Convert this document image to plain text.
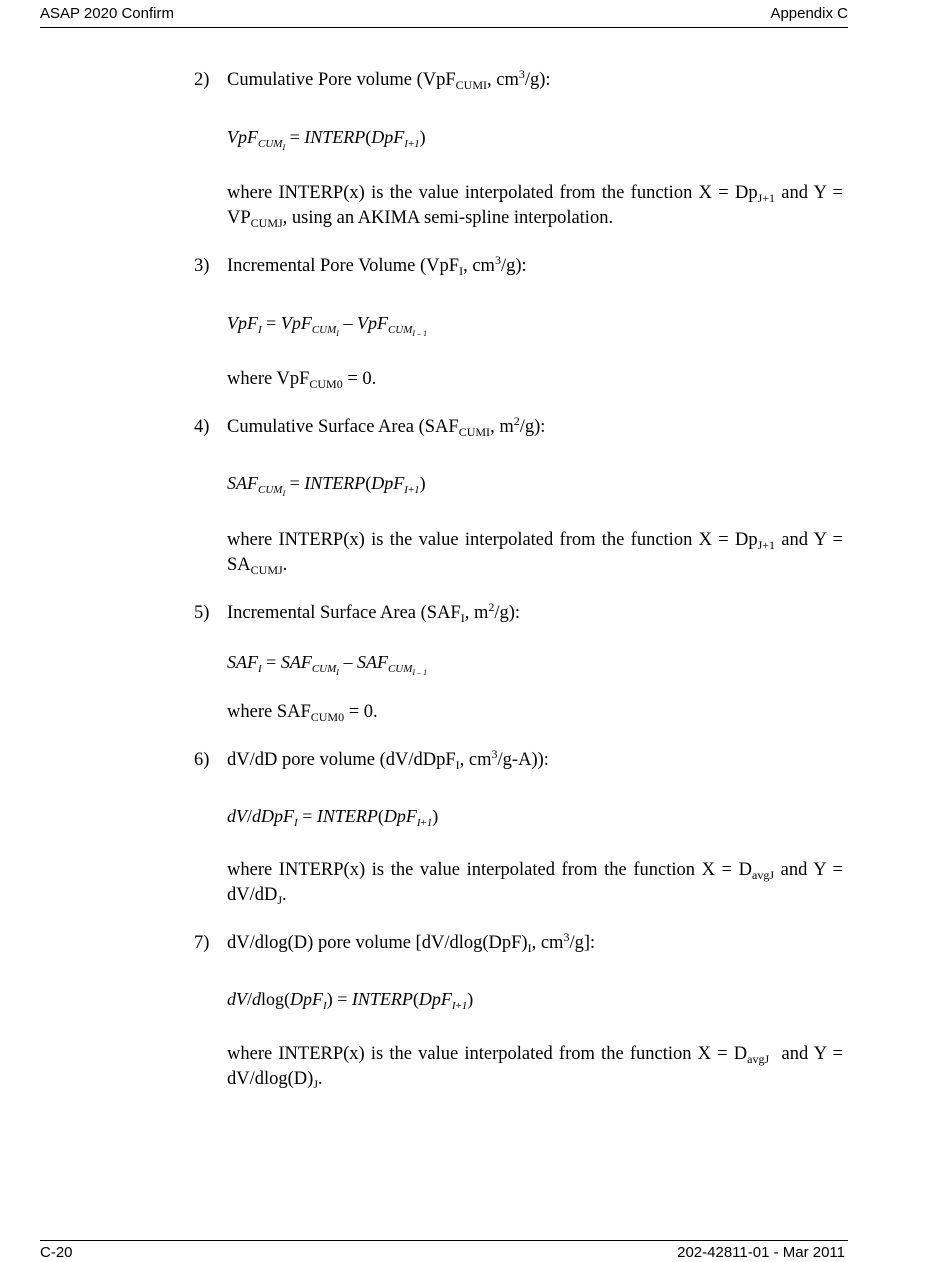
ASAP 2020 Confirm	Appendix C
2) Cumulative Pore volume (VpF$_{CUMI}$, $cm^3/g$):
VpF$_{CUM_I}$ = INTERP(DpF$_{I+1}$)
where INTERP(x) is the value interpolated from the function $X = Dp_{J+1}$ and Y =
$VP_{CUMJ}$, using an AKIMA semi-spline interpolation.
3) Incremental Pore Volume (VpF$_I$, $cm^3/g$):
VpF$_I$ = VpF$_{CUM_I}$ – VpF$_{CUM_{I - 1}}$
where VpF$_{CUM0}$ = 0.
4) Cumulative Surface Area ($SAF_{CUMI}$, $m^2/g$):
$SAF_{CUM_I}$ = INTERP(DpF$_{I+1}$)
where INTERP(x) is the value interpolated from the function $X = Dp_{J+1}$ and Y =
$SA_{CUMJ}$.
5) Incremental Surface Area ($SAF_I$, $m^2/g$):
$SAF_I = SAF_{CUM_I} - SAF_{CUM_{I - 1}}$
where $SAF_{CUM0} = 0$.
6) dV/dD pore volume (dV/dDpF$_I$, $cm^3/g-A$)):
dV/dDpF$_I$ = INTERP(DpF$_{I+1}$)
where INTERP(x) is the value interpolated from the function $X = D_{avgJ}$ and Y =
$dV/dD_J$.
7) dV/dlog(D) pore volume [$dV/dlog(DpF)_I$, $cm^3/g$]:
dV/dlog(DpF$_I$) = INTERP(DpF$_{I+1}$)
where INTERP(x) is the value interpolated from the function $X = D_{avgJ}$  and Y =
$dV/dlog(D)_J$.
C-20	202-42811-01 - Mar 2011
